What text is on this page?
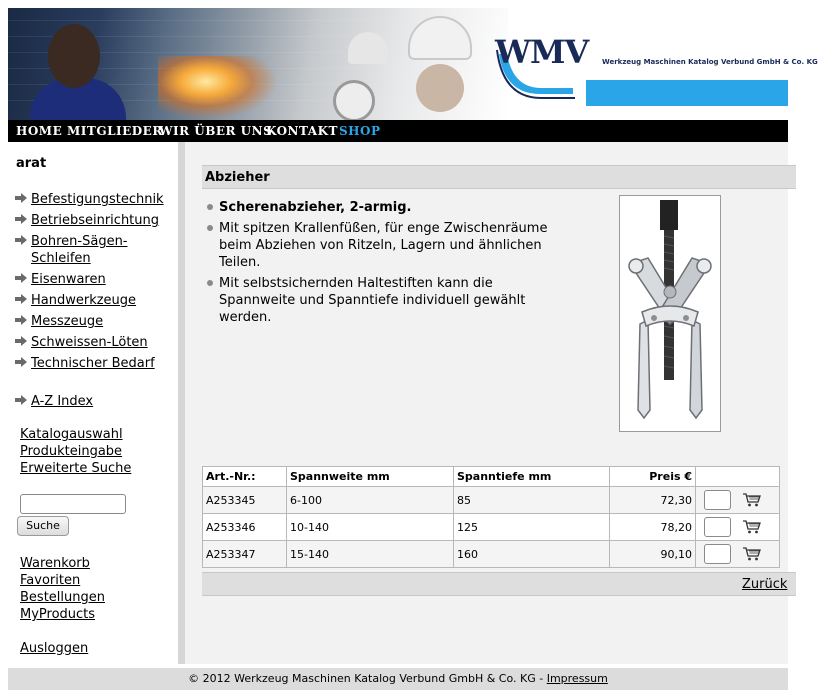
WMV Werkzeug Maschinen Katalog Verbund GmbH & Co. KG
HOME MITGLIEDER
WIR ÜBER UNS
KONTAKT SHOP
arat
Befestigungstechnik
Betriebseinrichtung
Bohren-Sägen-Schleifen
Eisenwaren
Handwerkzeuge
Messzeuge
Schweissen-Löten
Technischer Bedarf
A-Z Index
Katalogauswahl
Produkteingabe
Erweiterte Suche
Suche
Warenkorb
Favoriten
Bestellungen
MyProducts
Ausloggen
Abzieher
Scherenabzieher, 2-armig.
Mit spitzen Krallenfüßen, für enge Zwischenräume beim Abziehen von Ritzeln, Lagern und ähnlichen Teilen.
Mit selbstsichernden Haltestiften kann die Spannweite und Spanntiefe individuell gewählt werden.
Art.-Nr.:	Spannweite mm	Spanntiefe mm	Preis €	
A253345	6-100	85	72,30	
A253346	10-140	125	78,20	
A253347	15-140	160	90,10	
Zurück
© 2012 Werkzeug Maschinen Katalog Verbund GmbH & Co. KG - Impressum
